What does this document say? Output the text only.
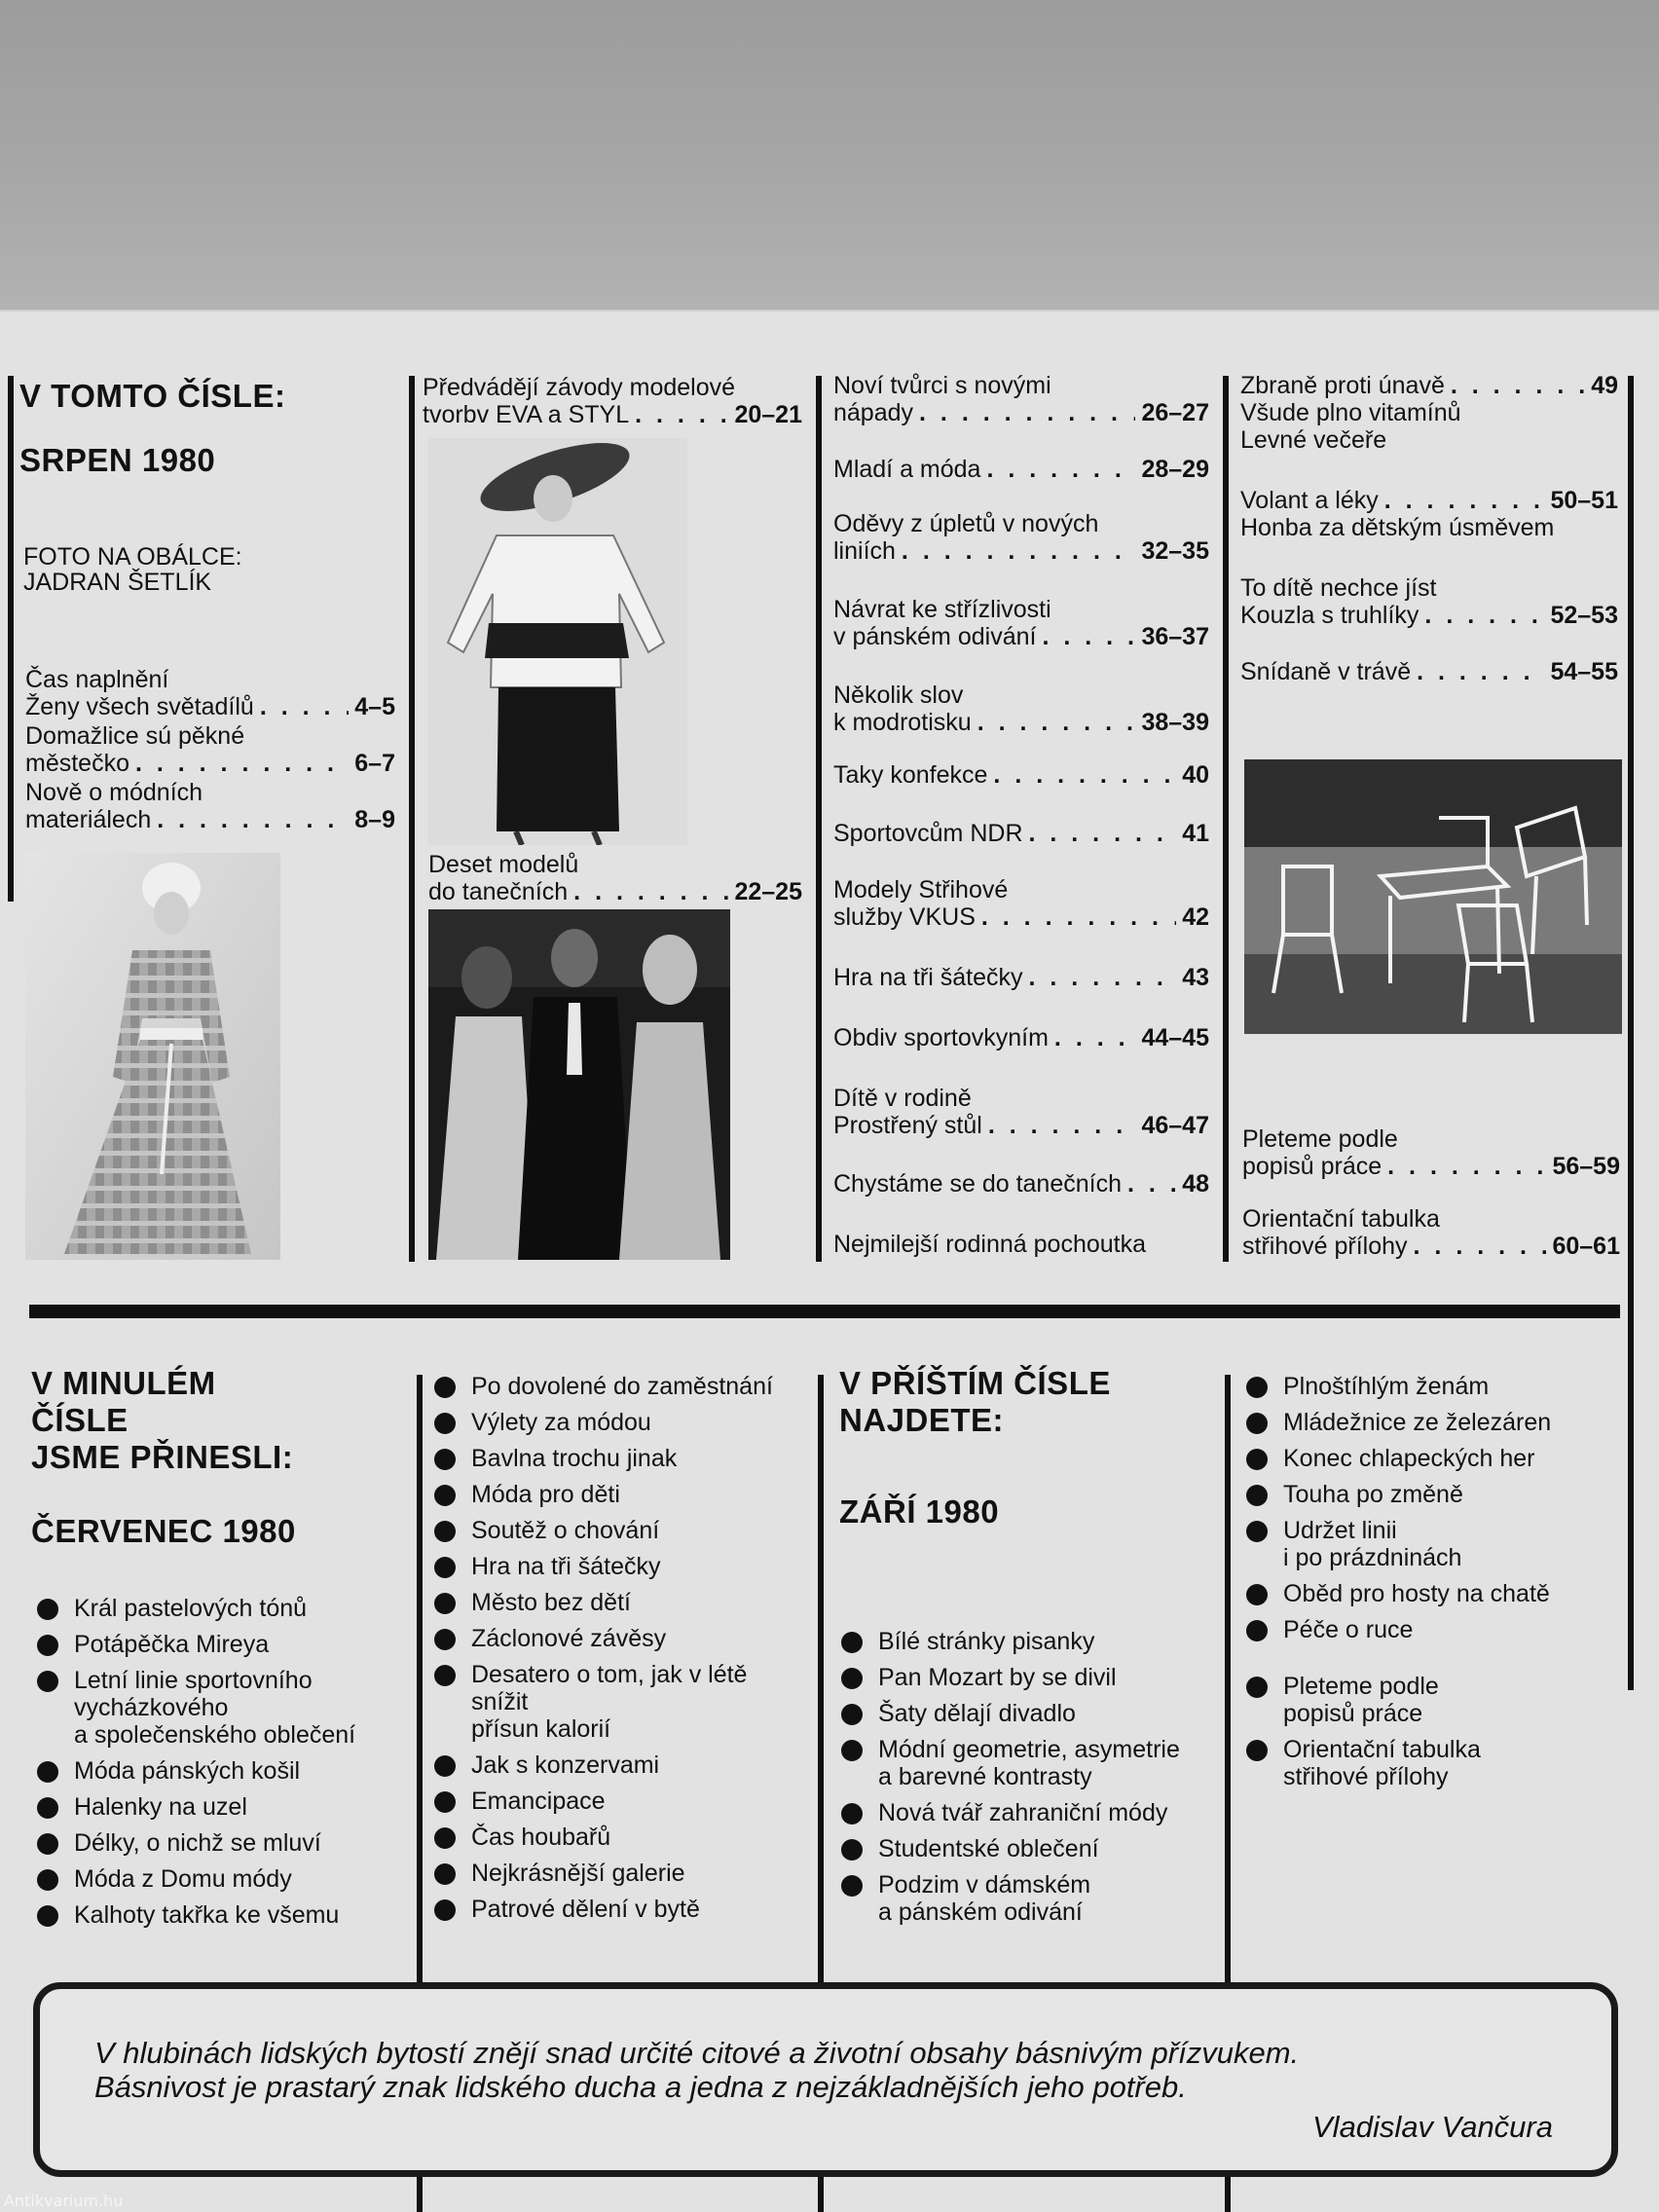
V TOMTO ČÍSLE:
SRPEN 1980
FOTO NA OBÁLCE:
JADRAN ŠETLÍK
Čas naplnění
Ženy všech světadílů . . .	4–5
Domažlice sú pěkné
městečko . . .	6–7
Nově o módních
materiálech . . .	8–9
Předvádějí závody modelové
tvorbv EVA a STYL . . .	20–21
Deset modelů
do tanečních . . .	22–25
Noví tvůrci s novými
nápady . . .	26–27
Mladí a móda . . .	28–29
Oděvy z úpletů v nových
liniích . . .	32–35
Návrat ke střízlivosti
v pánském odivání . . .	36–37
Několik slov
k modrotisku . . .	38–39
Taky konfekce . . .	40
Sportovcům NDR . . .	41
Modely Střihové
služby VKUS . . .	42
Hra na tři šátečky . . .	43
Obdiv sportovkyním . . .	44–45
Dítě v rodině
Prostřený stůl . . .	46–47
Chystáme se do tanečních . . . 48
Nejmilejší rodinná pochoutka
Zbraně proti únavě . . .	49
Všude plno vitamínů
Levné večeře
Volant a léky . . .	50–51
Honba za dětským úsměvem
To dítě nechce jíst
Kouzla s truhlíky . . .	52–53
Snídaně v trávě . . .	54–55
Pleteme podle
popisů práce . . .	56–59
Orientační tabulka
střihové přílohy . . .	60–61
V MINULÉM
ČÍSLE
JSME PŘINESLI:
ČERVENEC 1980
Král pastelových tónů
Potápěčka Mireya
Letní linie sportovního
vycházkového
a společenského oblečení
Móda pánských košil
Halenky na uzel
Délky, o nichž se mluví
Móda z Domu módy
Kalhoty takřka ke všemu
Po dovolené do zaměstnání
Výlety za módou
Bavlna trochu jinak
Móda pro děti
Soutěž o chování
Hra na tři šátečky
Město bez dětí
Záclonové závěsy
Desatero o tom, jak v létě
snížit
přísun kalorií
Jak s konzervami
Emancipace
Čas houbařů
Nejkrásnější galerie
Patrové dělení v bytě
V PŘÍŠTÍM ČÍSLE
NAJDETE:
ZÁŘÍ 1980
Bílé stránky pisanky
Pan Mozart by se divil
Šaty dělají divadlo
Módní geometrie, asymetrie
a barevné kontrasty
Nová tvář zahraniční módy
Studentské oblečení
Podzim v dámském
a pánském odivání
Plnoštíhlým ženám
Mládežnice ze železáren
Konec chlapeckých her
Touha po změně
Udržet linii
i po prázdninách
Oběd pro hosty na chatě
Péče o ruce
Pleteme podle
popisů práce
Orientační tabulka
střihové přílohy
V hlubinách lidských bytostí znějí snad určité citové a životní obsahy básnivým přízvukem.
Básnivost je prastarý znak lidského ducha a jedna z nejzákladnějších jeho potřeb.
Vladislav Vančura
Antikvarium.hu
